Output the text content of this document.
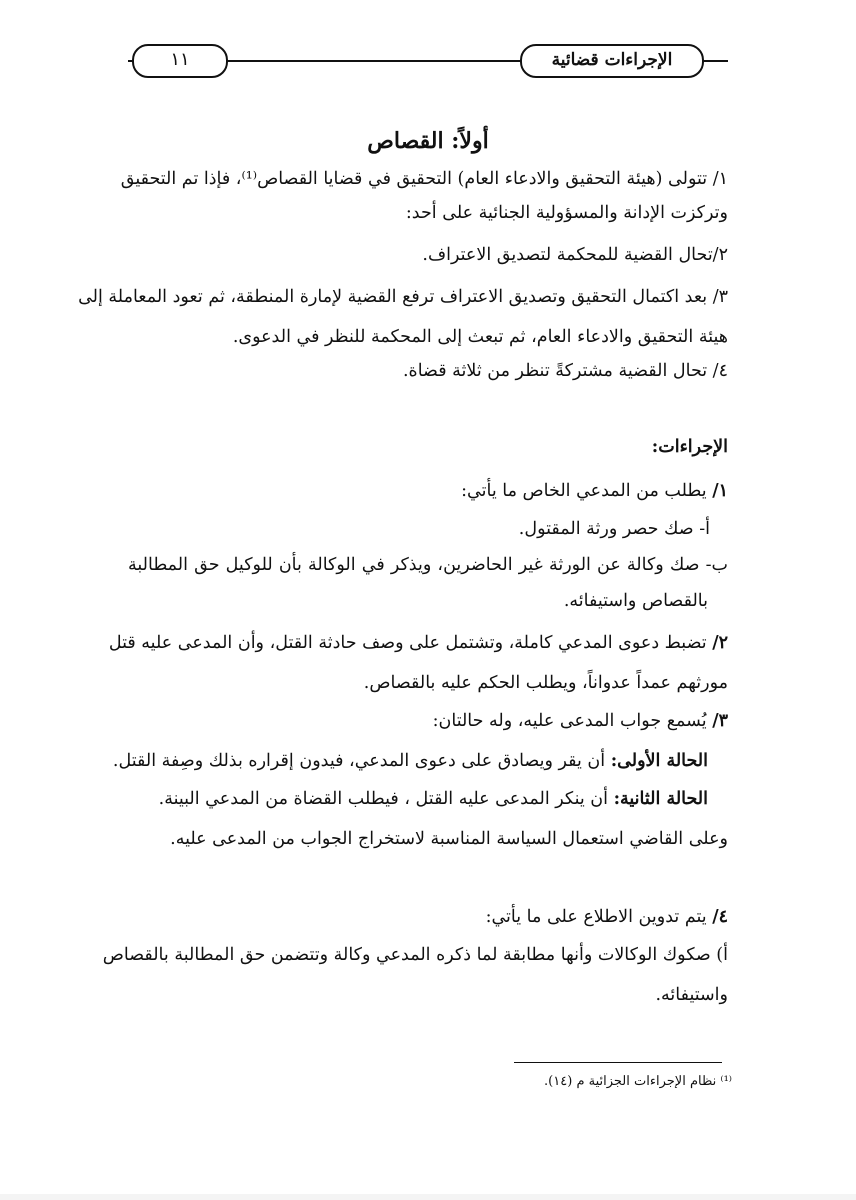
١١	الإجراءات قضائية
أولاً: القصاص
١/ تتولى (هيئة التحقيق والادعاء العام) التحقيق في قضايا القصاص⁽¹⁾، فإذا تم التحقيق
وتركزت الإدانة والمسؤولية الجنائية على أحد:
٢/تحال القضية للمحكمة لتصديق الاعتراف.
٣/ بعد اكتمال التحقيق وتصديق الاعتراف ترفع القضية لإمارة المنطقة، ثم تعود المعاملة إلى
هيئة التحقيق والادعاء العام، ثم تبعث إلى المحكمة للنظر في الدعوى.
٤/ تحال القضية مشتركةً تنظر من ثلاثة قضاة.
الإجراءات:
١/ يطلب من المدعي الخاص ما يأتي:
أ- صك حصر ورثة المقتول.
ب- صك وكالة عن الورثة غير الحاضرين، ويذكر في الوكالة بأن للوكيل حق المطالبة
بالقصاص واستيفائه.
٢/ تضبط دعوى المدعي كاملة، وتشتمل على وصف حادثة القتل، وأن المدعى عليه قتل
مورثهم عمداً عدواناً، ويطلب الحكم عليه بالقصاص.
٣/ يُسمع جواب المدعى عليه، وله حالتان:
الحالة الأولى: أن يقر ويصادق على دعوى المدعي، فيدون إقراره بذلك وصِفة القتل.
الحالة الثانية: أن ينكر المدعى عليه القتل ، فيطلب القضاة من المدعي البينة.
وعلى القاضي استعمال السياسة المناسبة لاستخراج الجواب من المدعى عليه.
٤/ يتم تدوين الاطلاع على ما يأتي:
أ) صكوك الوكالات وأنها مطابقة لما ذكره المدعي وكالة وتتضمن حق المطالبة بالقصاص
واستيفائه.
⁽¹⁾ نظام الإجراءات الجزائية م (١٤).
